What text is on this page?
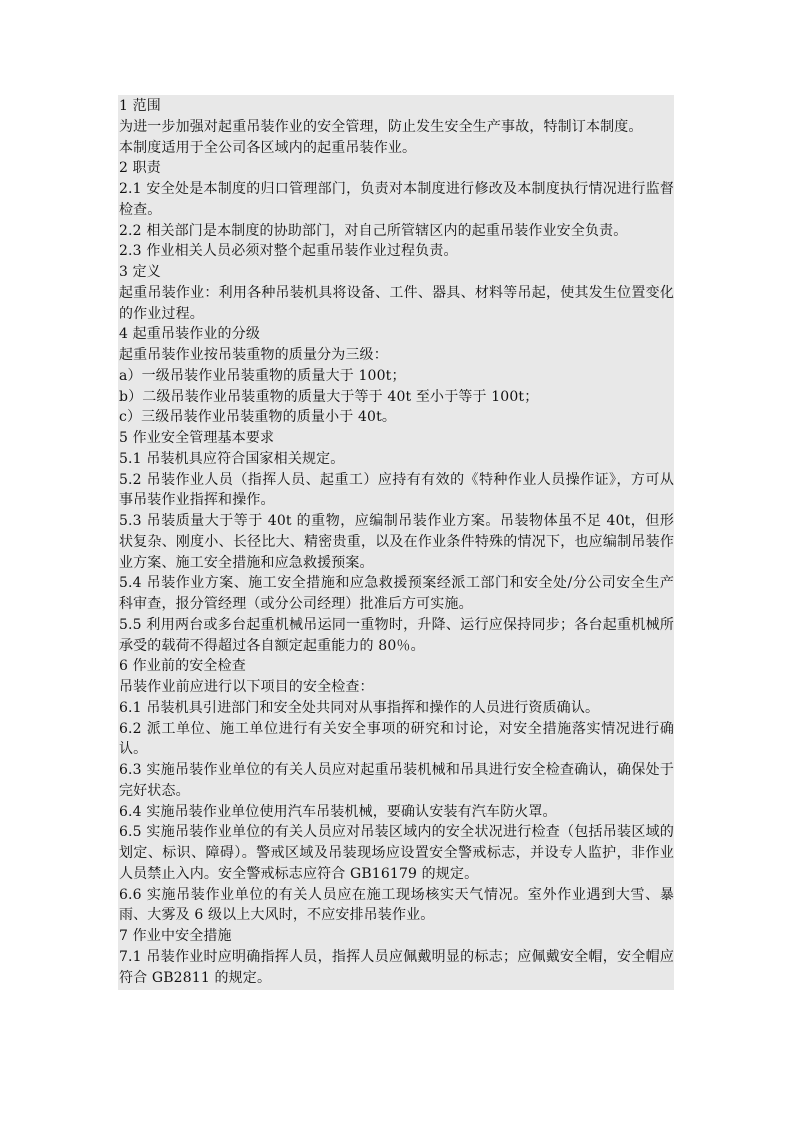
1 范围

为进一步加强对起重吊装作业的安全管理，防止发生安全生产事故，特制订本制度。

本制度适用于全公司各区域内的起重吊装作业。

2 职责

2.1 安全处是本制度的归口管理部门，负责对本制度进行修改及本制度执行情况进行监督检查。

2.2 相关部门是本制度的协助部门，对自己所管辖区内的起重吊装作业安全负责。

2.3 作业相关人员必须对整个起重吊装作业过程负责。

3 定义

起重吊装作业：利用各种吊装机具将设备、工件、器具、材料等吊起，使其发生位置变化的作业过程。

4 起重吊装作业的分级

起重吊装作业按吊装重物的质量分为三级：

a）一级吊装作业吊装重物的质量大于 100t；

b）二级吊装作业吊装重物的质量大于等于 40t 至小于等于 100t；

c）三级吊装作业吊装重物的质量小于 40t。

5 作业安全管理基本要求

5.1 吊装机具应符合国家相关规定。

5.2 吊装作业人员（指挥人员、起重工）应持有有效的《特种作业人员操作证》，方可从事吊装作业指挥和操作。

5.3 吊装质量大于等于 40t 的重物，应编制吊装作业方案。吊装物体虽不足 40t，但形状复杂、刚度小、长径比大、精密贵重，以及在作业条件特殊的情况下，也应编制吊装作业方案、施工安全措施和应急救援预案。

5.4 吊装作业方案、施工安全措施和应急救援预案经派工部门和安全处/分公司安全生产科审查，报分管经理（或分公司经理）批准后方可实施。

5.5 利用两台或多台起重机械吊运同一重物时，升降、运行应保持同步；各台起重机械所承受的载荷不得超过各自额定起重能力的 80％。

6 作业前的安全检查

吊装作业前应进行以下项目的安全检查：

6.1 吊装机具引进部门和安全处共同对从事指挥和操作的人员进行资质确认。

6.2 派工单位、施工单位进行有关安全事项的研究和讨论，对安全措施落实情况进行确认。

6.3 实施吊装作业单位的有关人员应对起重吊装机械和吊具进行安全检查确认，确保处于完好状态。

6.4 实施吊装作业单位使用汽车吊装机械，要确认安装有汽车防火罩。

6.5 实施吊装作业单位的有关人员应对吊装区域内的安全状况进行检查（包括吊装区域的划定、标识、障碍）。警戒区域及吊装现场应设置安全警戒标志，并设专人监护，非作业人员禁止入内。安全警戒标志应符合 GB16179 的规定。

6.6 实施吊装作业单位的有关人员应在施工现场核实天气情况。室外作业遇到大雪、暴雨、大雾及 6 级以上大风时，不应安排吊装作业。

7 作业中安全措施

7.1 吊装作业时应明确指挥人员，指挥人员应佩戴明显的标志；应佩戴安全帽，安全帽应符合 GB2811 的规定。
